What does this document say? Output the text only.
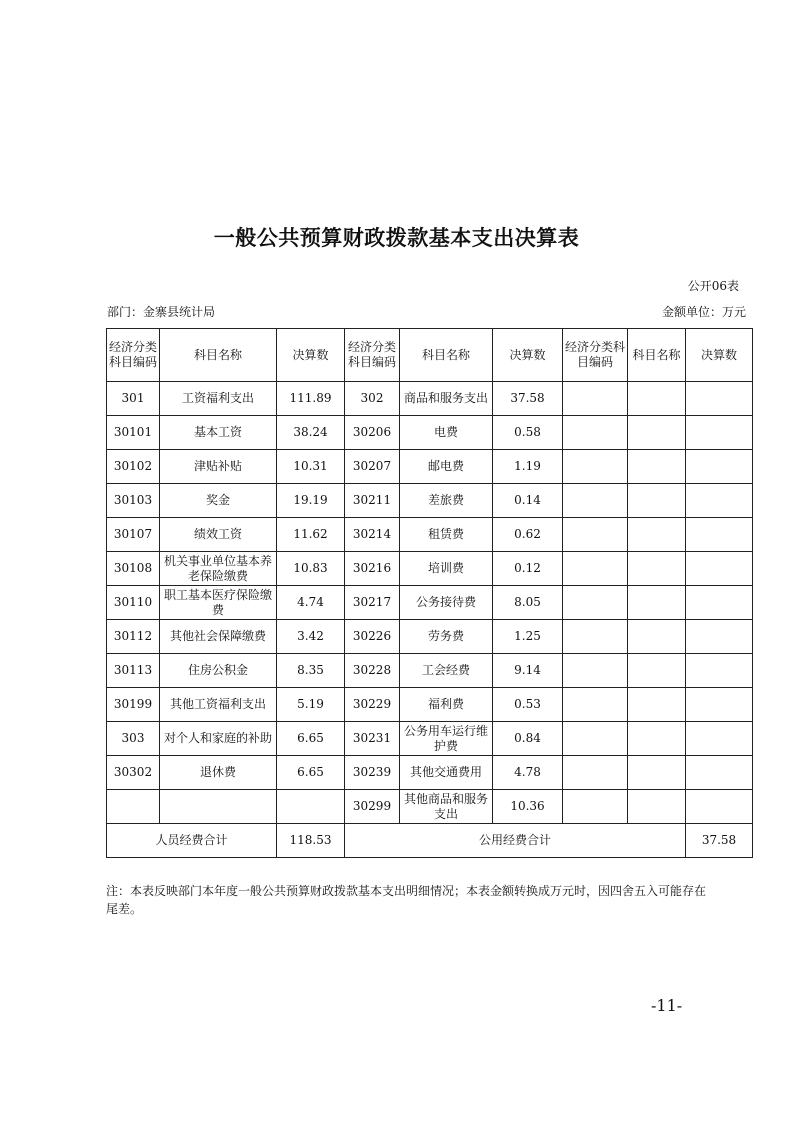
一般公共预算财政拨款基本支出决算表
公开06表
部门：金寨县统计局	金额单位：万元
经济分类科目编码	科目名称	决算数	经济分类科目编码	科目名称	决算数	经济分类科目编码	科目名称	决算数
301	工资福利支出	111.89	302	商品和服务支出	37.58			
30101	基本工资	38.24	30206	电费	0.58			
30102	津贴补贴	10.31	30207	邮电费	1.19			
30103	奖金	19.19	30211	差旅费	0.14			
30107	绩效工资	11.62	30214	租赁费	0.62			
30108	机关事业单位基本养老保险缴费	10.83	30216	培训费	0.12			
30110	职工基本医疗保险缴费	4.74	30217	公务接待费	8.05			
30112	其他社会保障缴费	3.42	30226	劳务费	1.25			
30113	住房公积金	8.35	30228	工会经费	9.14			
30199	其他工资福利支出	5.19	30229	福利费	0.53			
303	对个人和家庭的补助	6.65	30231	公务用车运行维护费	0.84			
30302	退休费	6.65	30239	其他交通费用	4.78			
			30299	其他商品和服务支出	10.36			
人员经费合计		118.53	公用经费合计					37.58
注：本表反映部门本年度一般公共预算财政拨款基本支出明细情况；本表金额转换成万元时，因四舍五入可能存在尾差。
-11-
